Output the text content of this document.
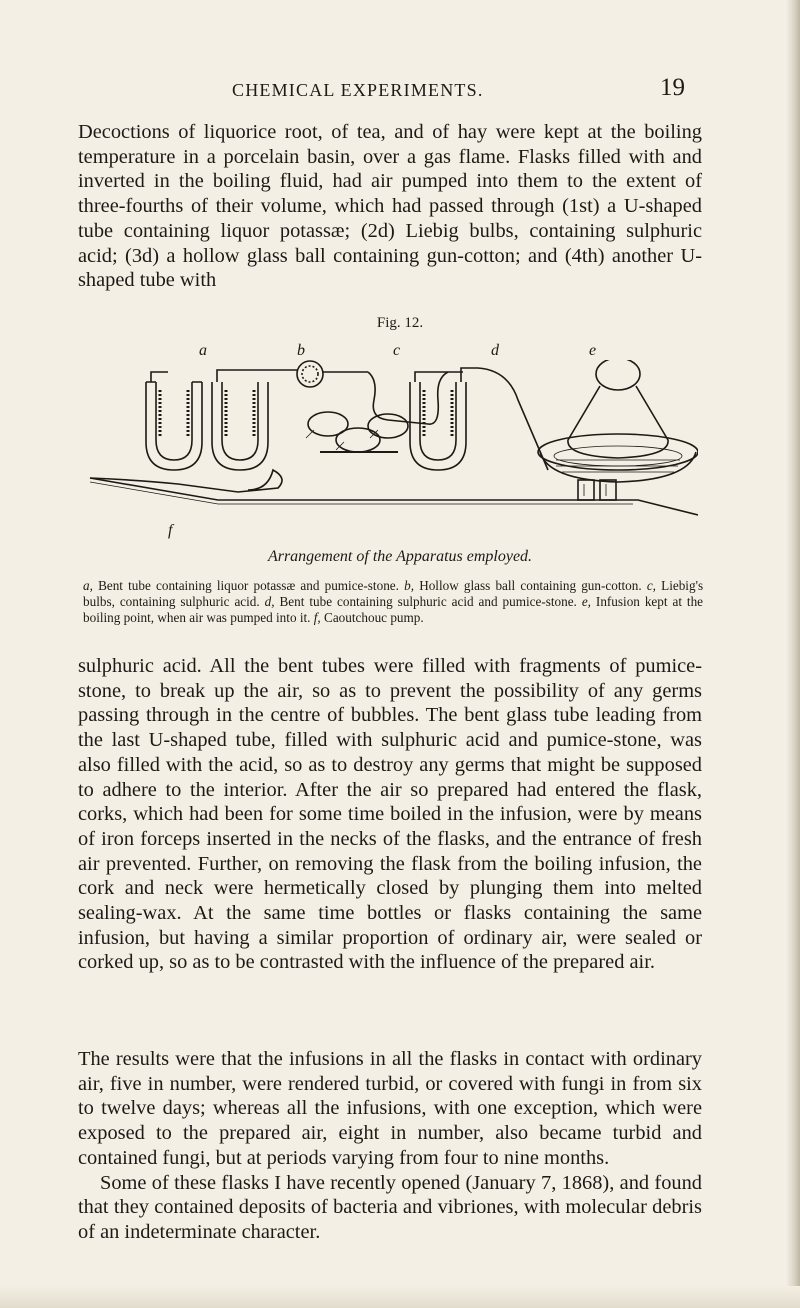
CHEMICAL EXPERIMENTS.	19

Decoctions of liquorice root, of tea, and of hay were kept at the boiling temperature in a porcelain basin, over a gas flame. Flasks filled with and inverted in the boiling fluid, had air pumped into them to the extent of three-fourths of their volume, which had passed through (1st) a U-shaped tube containing liquor potassæ; (2d) Liebig bulbs, containing sulphuric acid; (3d) a hollow glass ball containing gun-cotton; and (4th) another U-shaped tube with

Fig. 12.
a	b	c	d	e
f
Arrangement of the Apparatus employed.

a, Bent tube containing liquor potassæ and pumice-stone. b, Hollow glass ball containing gun-cotton. c, Liebig's bulbs, containing sulphuric acid. d, Bent tube containing sulphuric acid and pumice-stone. e, Infusion kept at the boiling point, when air was pumped into it. f, Caoutchouc pump.

sulphuric acid. All the bent tubes were filled with fragments of pumice-stone, to break up the air, so as to prevent the possibility of any germs passing through in the centre of bubbles. The bent glass tube leading from the last U-shaped tube, filled with sulphuric acid and pumice-stone, was also filled with the acid, so as to destroy any germs that might be supposed to adhere to the interior. After the air so prepared had entered the flask, corks, which had been for some time boiled in the infusion, were by means of iron forceps inserted in the necks of the flasks, and the entrance of fresh air prevented. Further, on removing the flask from the boiling infusion, the cork and neck were hermetically closed by plunging them into melted sealing-wax. At the same time bottles or flasks containing the same infusion, but having a similar proportion of ordinary air, were sealed or corked up, so as to be contrasted with the influence of the prepared air.

The results were that the infusions in all the flasks in contact with ordinary air, five in number, were rendered turbid, or covered with fungi in from six to twelve days; whereas all the infusions, with one exception, which were exposed to the prepared air, eight in number, also became turbid and contained fungi, but at periods varying from four to nine months.
Some of these flasks I have recently opened (January 7, 1868), and found that they contained deposits of bacteria and vibriones, with molecular debris of an indeterminate character.
